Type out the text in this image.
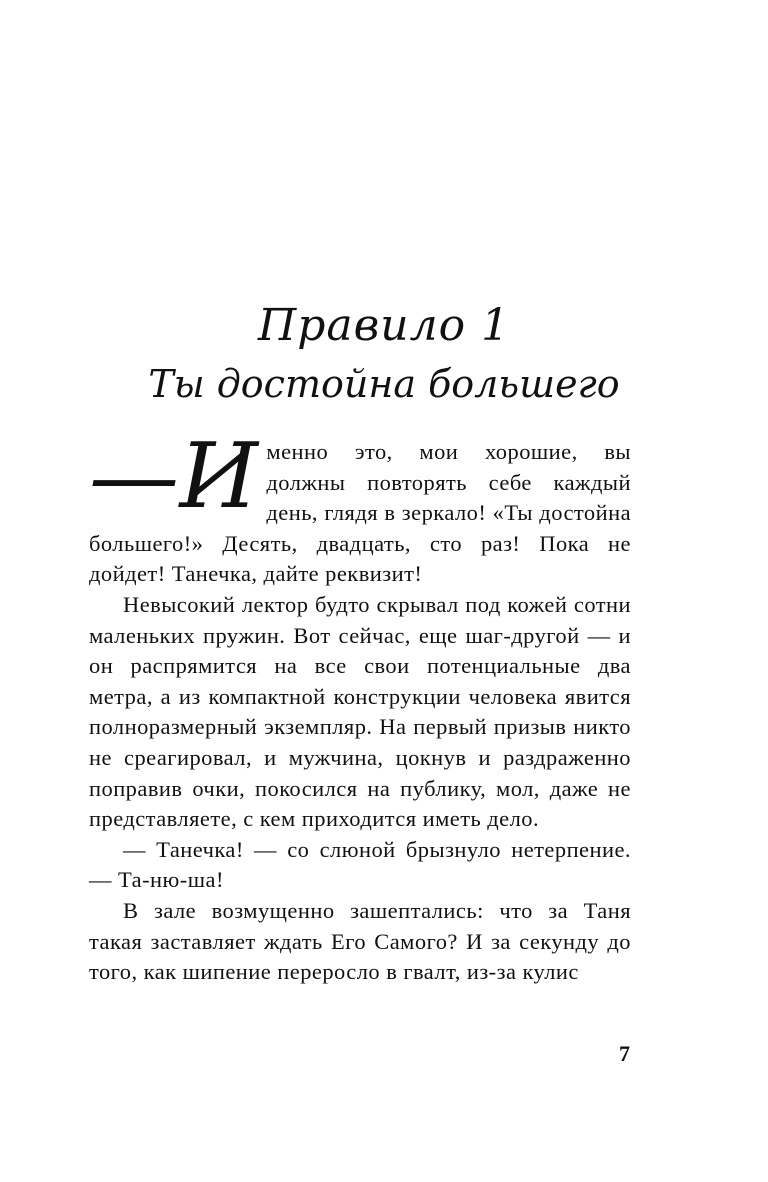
Правило 1
Ты достойна большего

—И менно это, мои хорошие, вы должны повторять себе каждый день, глядя в зеркало! «Ты достойна большего!» Десять, двадцать, сто раз! Пока не дойдет! Танечка, дайте реквизит!

Невысокий лектор будто скрывал под кожей сотни маленьких пружин. Вот сейчас, еще шаг-другой — и он распрямится на все свои потенциальные два метра, а из компактной конструкции человека явится полноразмерный экземпляр. На первый призыв никто не среагировал, и мужчина, цокнув и раздраженно поправив очки, покосился на публику, мол, даже не представляете, с кем приходится иметь дело.

— Танечка! — со слюной брызнуло нетерпение. — Та-ню-ша!

В зале возмущенно зашептались: что за Таня такая заставляет ждать Его Самого? И за секунду до того, как шипение переросло в гвалт, из-за кулис

7
